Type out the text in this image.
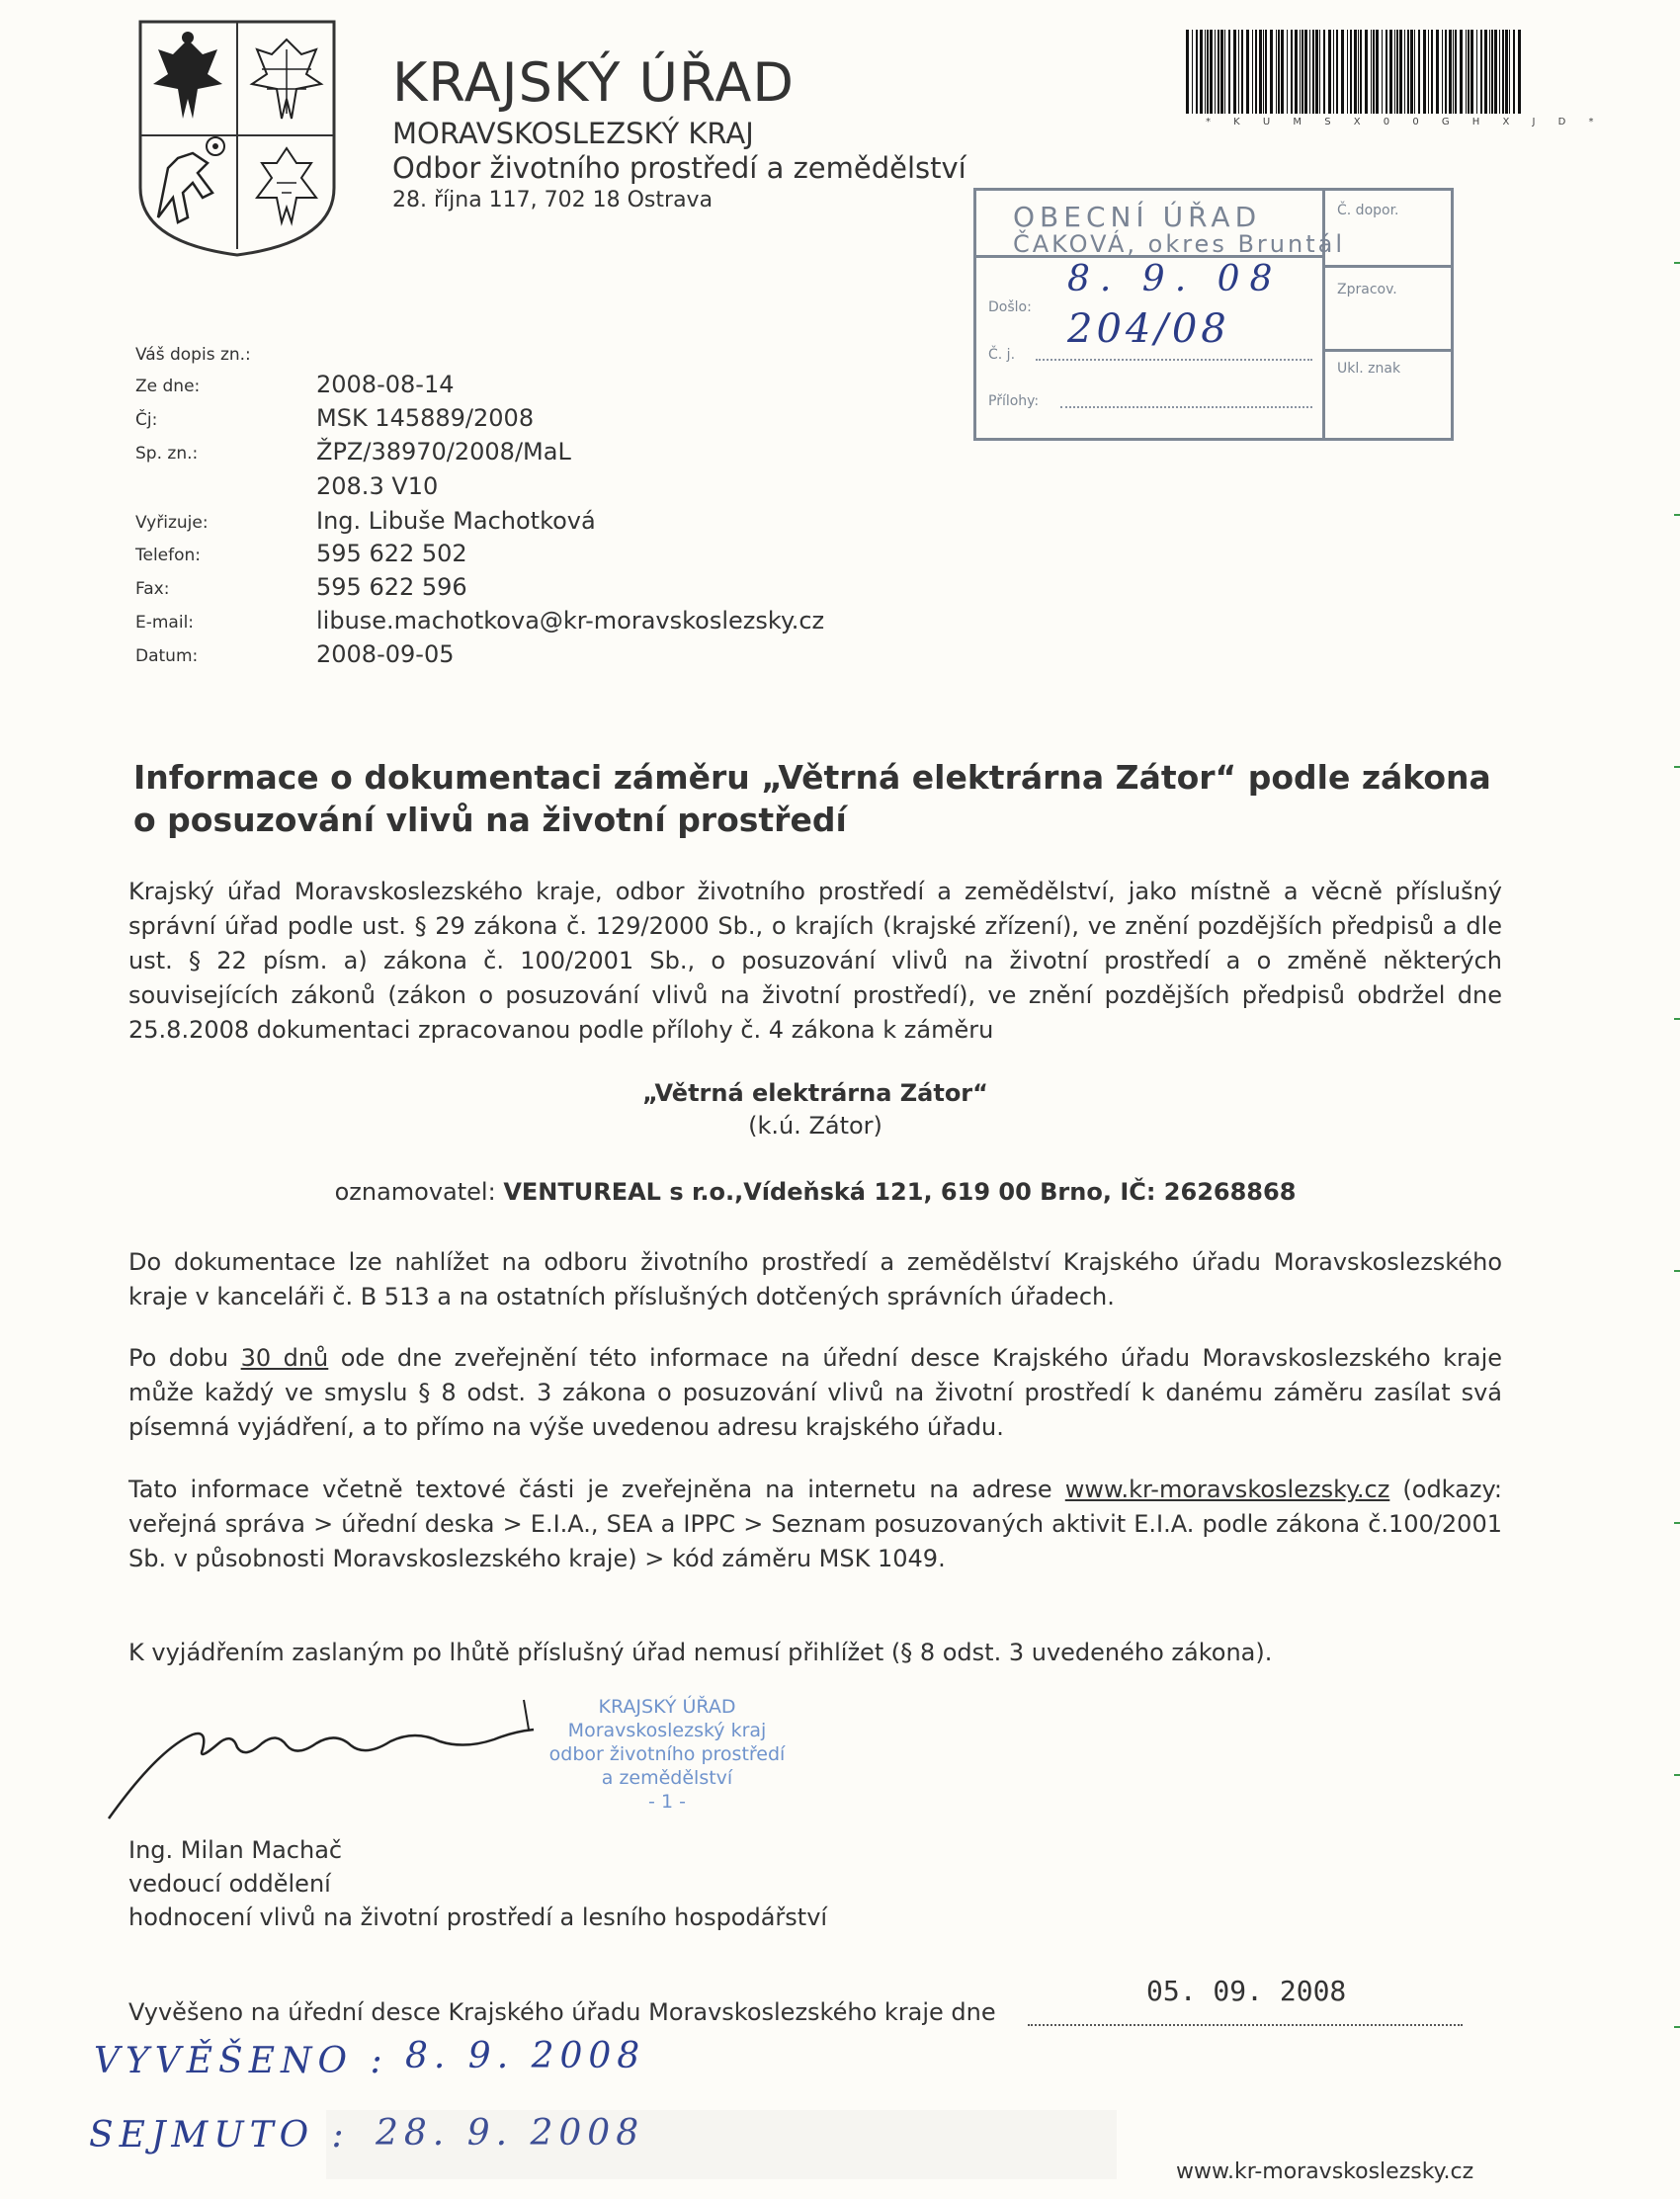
KRAJSKÝ ÚŘAD
MORAVSKOSLEZSKÝ KRAJ
Odbor životního prostředí a zemědělství
28. října 117, 702 18 Ostrava
* K U M S X 0 0 G H X J D *
Č. dopor.
Zpracov.
Ukl. znak
Došlo:
Č. j.
Přílohy:
OBECNÍ ÚŘAD
ČAKOVÁ, okres Bruntál
8. 9. 08
204/08
Váš dopis zn.:
Ze dne:	2008-08-14
Čj:	MSK 145889/2008
Sp. zn.:	ŽPZ/38970/2008/MaL
208.3 V10
Vyřizuje:	Ing. Libuše Machotková
Telefon:	595 622 502
Fax:	595 622 596
E-mail:	libuse.machotkova@kr-moravskoslezsky.cz
Datum:	2008-09-05
Informace o dokumentaci záměru „Větrná elektrárna Zátor“ podle zákona o posuzování vlivů na životní prostředí
Krajský úřad Moravskoslezského kraje, odbor životního prostředí a zemědělství, jako místně a věcně příslušný správní úřad podle ust. § 29 zákona č. 129/2000 Sb., o krajích (krajské zřízení), ve znění pozdějších předpisů a dle ust. § 22 písm. a) zákona č. 100/2001 Sb., o posuzování vlivů na životní prostředí a o změně některých souvisejících zákonů (zákon o posuzování vlivů na životní prostředí), ve znění pozdějších předpisů obdržel dne 25.8.2008 dokumentaci zpracovanou podle přílohy č. 4 zákona k záměru
„Větrná elektrárna Zátor“
(k.ú. Zátor)
oznamovatel: VENTUREAL s r.o.,Vídeňská 121, 619 00 Brno, IČ: 26268868
Do dokumentace lze nahlížet na odboru životního prostředí a zemědělství Krajského úřadu Moravskoslezského kraje v kanceláři č. B 513 a na ostatních příslušných dotčených správních úřadech.
Po dobu 30 dnů ode dne zveřejnění této informace na úřední desce Krajského úřadu Moravskoslezského kraje může každý ve smyslu § 8 odst. 3 zákona o posuzování vlivů na životní prostředí k danému záměru zasílat svá písemná vyjádření, a to přímo na výše uvedenou adresu krajského úřadu.
Tato informace včetně textové části je zveřejněna na internetu na adrese www.kr-moravskoslezsky.cz (odkazy: veřejná správa > úřední deska > E.I.A., SEA a IPPC > Seznam posuzovaných aktivit E.I.A. podle zákona č.100/2001 Sb. v působnosti Moravskoslezského kraje) > kód záměru MSK 1049.
K vyjádřením zaslaným po lhůtě příslušný úřad nemusí přihlížet (§ 8 odst. 3 uvedeného zákona).
KRAJSKÝ ÚŘAD
Moravskoslezský kraj
odbor životního prostředí
a zemědělství
- 1 -
Ing. Milan Machač
vedoucí oddělení
hodnocení vlivů na životní prostředí a lesního hospodářství
Vyvěšeno na úřední desce Krajského úřadu Moravskoslezského kraje dne
05. 09. 2008
VYVĚŠENO : 8. 9. 2008
SEJMUTO : 28. 9. 2008
www.kr-moravskoslezsky.cz
